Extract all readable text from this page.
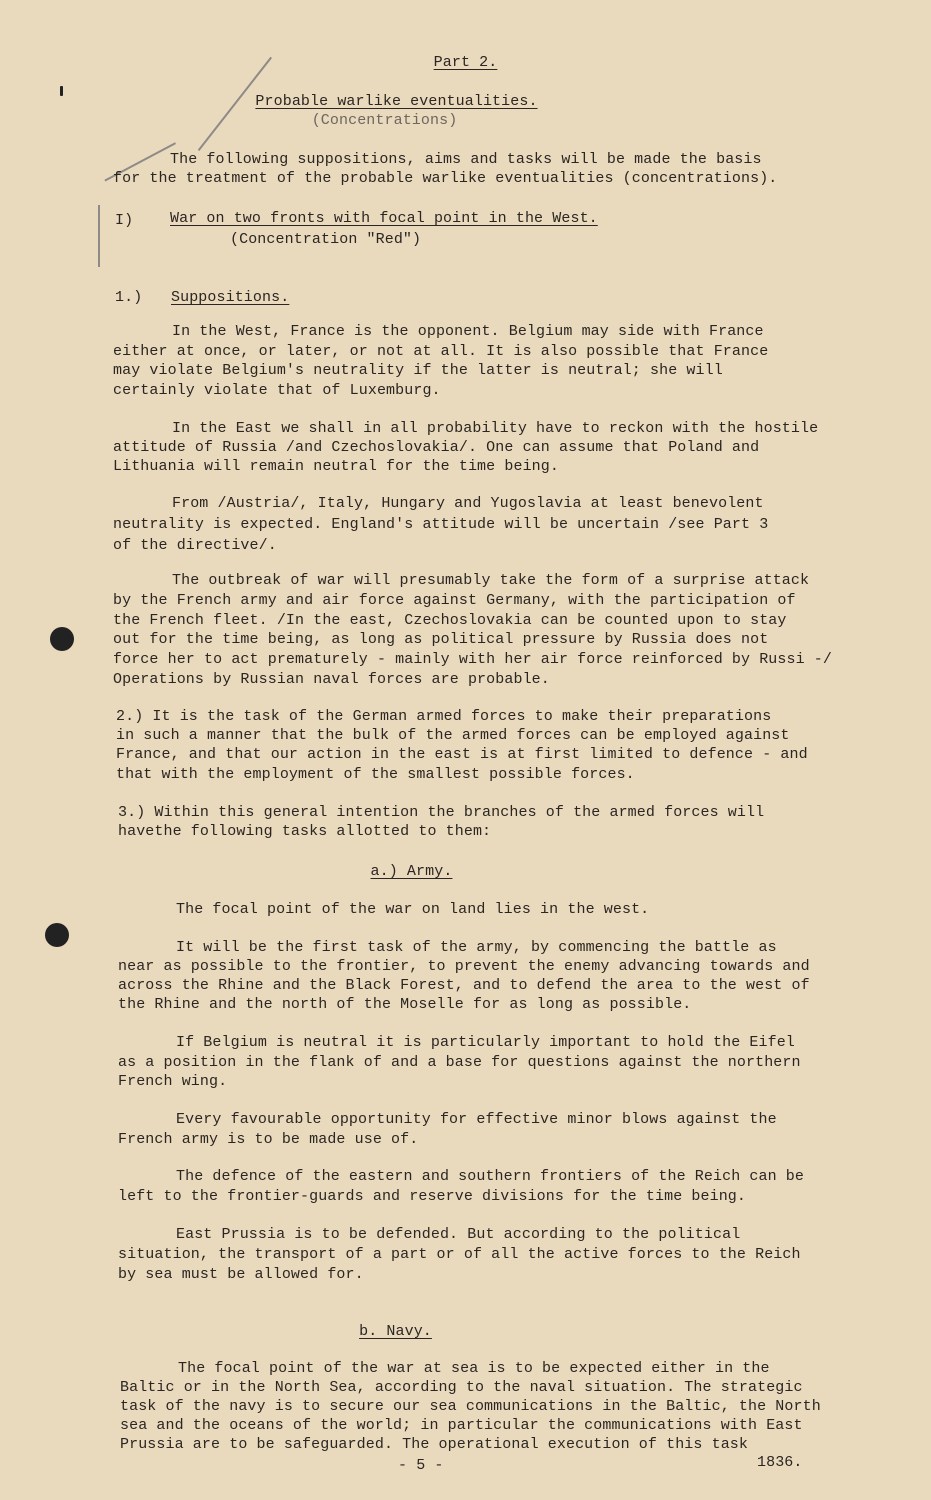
Part 2.
Probable warlike eventualities.
(Concentrations)
The following suppositions, aims and tasks will be made the basis
for the treatment of the probable warlike eventualities (concentrations).
I)	War on two fronts with focal point in the West.
(Concentration "Red")
1.)	Suppositions.
In the West, France is the opponent. Belgium may side with France
either at once, or later, or not at all. It is also possible that France
may violate Belgium's neutrality if the latter is neutral; she will
certainly violate that of Luxemburg.
In the East we shall in all probability have to reckon with the hostile
attitude of Russia /and Czechoslovakia/. One can assume that Poland and
Lithuania will remain neutral for the time being.
From /Austria/, Italy, Hungary and Yugoslavia at least benevolent
neutrality is expected. England's attitude will be uncertain /see Part 3
of the directive/.
The outbreak of war will presumably take the form of a surprise attack
by the French army and air force against Germany, with the participation of
the French fleet. /In the east, Czechoslovakia can be counted upon to stay
out for the time being, as long as political pressure by Russia does not
force her to act prematurely - mainly with her air force reinforced by Russi -/
Operations by Russian naval forces are probable.
2.) It is the task of the German armed forces to make their preparations
in such a manner that the bulk of the armed forces can be employed against
France, and that our action in the east is at first limited to defence - and
that with the employment of the smallest possible forces.
3.) Within this general intention the branches of the armed forces will
havethe following tasks allotted to them:
a.) Army.
The focal point of the war on land lies in the west.
It will be the first task of the army, by commencing the battle as
near as possible to the frontier, to prevent the enemy advancing towards and
across the Rhine and the Black Forest, and to defend the area to the west of
the Rhine and the north of the Moselle for as long as possible.
If Belgium is neutral it is particularly important to hold the Eifel
as a position in the flank of and a base for questions against the northern
French wing.
Every favourable opportunity for effective minor blows against the
French army is to be made use of.
The defence of the eastern and southern frontiers of the Reich can be
left to the frontier-guards and reserve divisions for the time being.
East Prussia is to be defended. But according to the political
situation, the transport of a part or of all the active forces to the Reich
by sea must be allowed for.
b. Navy.
The focal point of the war at sea is to be expected either in the
Baltic or in the North Sea, according to the naval situation. The strategic
task of the navy is to secure our sea communications in the Baltic, the North
sea and the oceans of the world; in particular the communications with East
Prussia are to be safeguarded. The operational execution of this task
- 5 -	1836.
